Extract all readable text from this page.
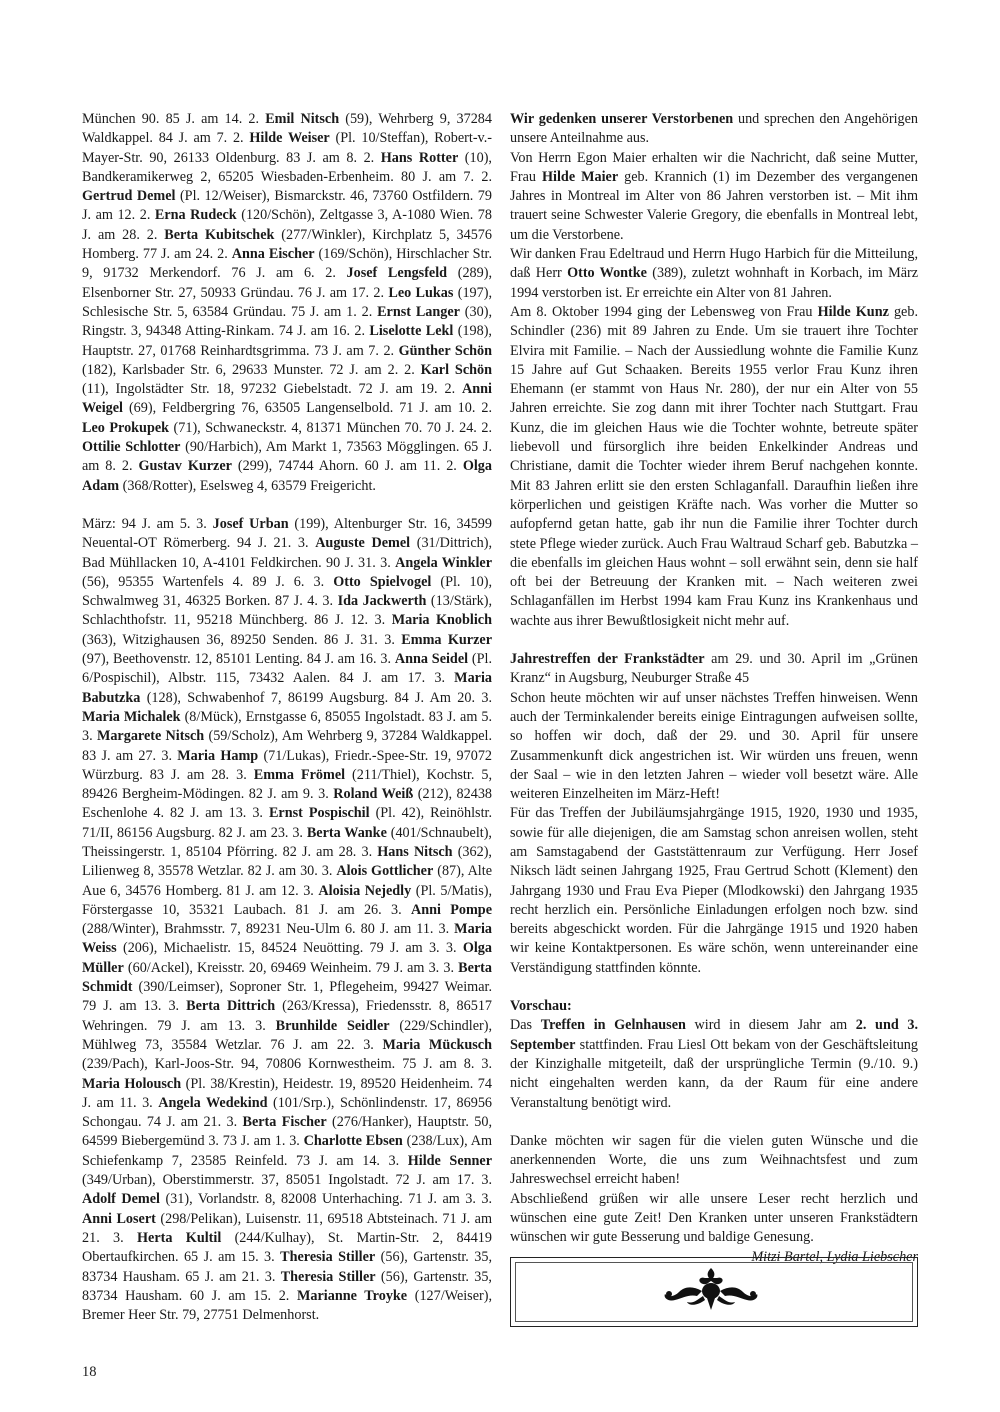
München 90. 85 J. am 14. 2. Emil Nitsch (59), Wehrberg 9, 37284 Waldkappel. 84 J. am 7. 2. Hilde Weiser (Pl. 10/Steffan), Robert-v.-Mayer-Str. 90, 26133 Oldenburg. 83 J. am 8. 2. Hans Rotter (10), Bandkeramikerweg 2, 65205 Wiesbaden-Erbenheim. 80 J. am 7. 2. Gertrud Demel (Pl. 12/Weiser), Bismarckstr. 46, 73760 Ostfildern. 79 J. am 12. 2. Erna Rudeck (120/Schön), Zeltgasse 3, A-1080 Wien. 78 J. am 28. 2. Berta Kubitschek (277/Winkler), Kirchplatz 5, 34576 Homberg. 77 J. am 24. 2. Anna Eischer (169/Schön), Hirschlacher Str. 9, 91732 Merkendorf. 76 J. am 6. 2. Josef Lengsfeld (289), Elsenborner Str. 27, 50933 Gründau. 76 J. am 17. 2. Leo Lukas (197), Schlesische Str. 5, 63584 Gründau. 75 J. am 1. 2. Ernst Langer (30), Ringstr. 3, 94348 Atting-Rinkam. 74 J. am 16. 2. Liselotte Lekl (198), Hauptstr. 27, 01768 Reinhardtsgrimma. 73 J. am 7. 2. Günther Schön (182), Karlsbader Str. 6, 29633 Munster. 72 J. am 2. 2. Karl Schön (11), Ingolstädter Str. 18, 97232 Giebelstadt. 72 J. am 19. 2. Anni Weigel (69), Feldbergring 76, 63505 Langenselbold. 71 J. am 10. 2. Leo Prokupek (71), Schwaneckstr. 4, 81371 München 70. 70 J. 24. 2. Ottilie Schlotter (90/Harbich), Am Markt 1, 73563 Mögglingen. 65 J. am 8. 2. Gustav Kurzer (299), 74744 Ahorn. 60 J. am 11. 2. Olga Adam (368/Rotter), Eselsweg 4, 63579 Freigericht.

März: 94 J. am 5. 3. Josef Urban (199), Altenburger Str. 16, 34599 Neuental-OT Römerberg. 94 J. 21. 3. Auguste Demel (31/Dittrich), Bad Mühllacken 10, A-4101 Feldkirchen. 90 J. 31. 3. Angela Winkler (56), 95355 Wartenfels 4. 89 J. 6. 3. Otto Spielvogel (Pl. 10), Schwalmweg 31, 46325 Borken. 87 J. 4. 3. Ida Jackwerth (13/Stärk), Schlachthofstr. 11, 95218 Münchberg. 86 J. 12. 3. Maria Knoblich (363), Witzighausen 36, 89250 Senden. 86 J. 31. 3. Emma Kurzer (97), Beethovenstr. 12, 85101 Lenting. 84 J. am 16. 3. Anna Seidel (Pl. 6/Pospischil), Albstr. 115, 73432 Aalen. 84 J. am 17. 3. Maria Babutzka (128), Schwabenhof 7, 86199 Augsburg. 84 J. Am 20. 3. Maria Michalek (8/Mück), Ernstgasse 6, 85055 Ingolstadt. 83 J. am 5. 3. Margarete Nitsch (59/Scholz), Am Wehrberg 9, 37284 Waldkappel. 83 J. am 27. 3. Maria Hamp (71/Lukas), Friedr.-Spee-Str. 19, 97072 Würzburg. 83 J. am 28. 3. Emma Frömel (211/Thiel), Kochstr. 5, 89426 Bergheim-Mödingen. 82 J. am 9. 3. Roland Weiß (212), 82438 Eschenlohe 4. 82 J. am 13. 3. Ernst Pospischil (Pl. 42), Reinöhlstr. 71/II, 86156 Augsburg. 82 J. am 23. 3. Berta Wanke (401/Schnaubelt), Theissingerstr. 1, 85104 Pförring. 82 J. am 28. 3. Hans Nitsch (362), Lilienweg 8, 35578 Wetzlar. 82 J. am 30. 3. Alois Gottlicher (87), Alte Aue 6, 34576 Homberg. 81 J. am 12. 3. Aloisia Nejedly (Pl. 5/Matis), Förstergasse 10, 35321 Laubach. 81 J. am 26. 3. Anni Pompe (288/Winter), Brahmsstr. 7, 89231 Neu-Ulm 6. 80 J. am 11. 3. Maria Weiss (206), Michaelistr. 15, 84524 Neuötting. 79 J. am 3. 3. Olga Müller (60/Ackel), Kreisstr. 20, 69469 Weinheim. 79 J. am 3. 3. Berta Schmidt (390/Leimser), Soproner Str. 1, Pflegeheim, 99427 Weimar. 79 J. am 13. 3. Berta Dittrich (263/Kressa), Friedensstr. 8, 86517 Wehringen. 79 J. am 13. 3. Brunhilde Seidler (229/Schindler), Mühlweg 73, 35584 Wetzlar. 76 J. am 22. 3. Maria Mückusch (239/Pach), Karl-Joos-Str. 94, 70806 Kornwestheim. 75 J. am 8. 3. Maria Holousch (Pl. 38/Krestin), Heidestr. 19, 89520 Heidenheim. 74 J. am 11. 3. Angela Wedekind (101/Srp.), Schönlindenstr. 17, 86956 Schongau. 74 J. am 21. 3. Berta Fischer (276/Hanker), Hauptstr. 50, 64599 Biebergemünd 3. 73 J. am 1. 3. Charlotte Ebsen (238/Lux), Am Schiefenkamp 7, 23585 Reinfeld. 73 J. am 14. 3. Hilde Senner (349/Urban), Oberstimmerstr. 37, 85051 Ingolstadt. 72 J. am 17. 3. Adolf Demel (31), Vorlandstr. 8, 82008 Unterhaching. 71 J. am 3. 3. Anni Losert (298/Pelikan), Luisenstr. 11, 69518 Abtsteinach. 71 J. am 21. 3. Herta Kultil (244/Kulhay), St. Martin-Str. 2, 84419 Obertaufkirchen. 65 J. am 15. 3. Theresia Stiller (56), Gartenstr. 35, 83734 Hausham. 65 J. am 21. 3. Theresia Stiller (56), Gartenstr. 35, 83734 Hausham. 60 J. am 15. 2. Marianne Troyke (127/Weiser), Bremer Heer Str. 79, 27751 Delmenhorst.

Wir gedenken unserer Verstorbenen und sprechen den Angehörigen unsere Anteilnahme aus.

Von Herrn Egon Maier erhalten wir die Nachricht, daß seine Mutter, Frau Hilde Maier geb. Krannich (1) im Dezember des vergangenen Jahres in Montreal im Alter von 86 Jahren verstorben ist. – Mit ihm trauert seine Schwester Valerie Gregory, die ebenfalls in Montreal lebt, um die Verstorbene.

Wir danken Frau Edeltraud und Herrn Hugo Harbich für die Mitteilung, daß Herr Otto Wontke (389), zuletzt wohnhaft in Korbach, im März 1994 verstorben ist. Er erreichte ein Alter von 81 Jahren.

Am 8. Oktober 1994 ging der Lebensweg von Frau Hilde Kunz geb. Schindler (236) mit 89 Jahren zu Ende. Um sie trauert ihre Tochter Elvira mit Familie. – Nach der Aussiedlung wohnte die Familie Kunz 15 Jahre auf Gut Schaaken. Bereits 1955 verlor Frau Kunz ihren Ehemann (er stammt von Haus Nr. 280), der nur ein Alter von 55 Jahren erreichte. Sie zog dann mit ihrer Tochter nach Stuttgart. Frau Kunz, die im gleichen Haus wie die Tochter wohnte, betreute später liebevoll und fürsorglich ihre beiden Enkelkinder Andreas und Christiane, damit die Tochter wieder ihrem Beruf nachgehen konnte. Mit 83 Jahren erlitt sie den ersten Schlaganfall. Daraufhin ließen ihre körperlichen und geistigen Kräfte nach. Was vorher die Mutter so aufopfernd getan hatte, gab ihr nun die Familie ihrer Tochter durch stete Pflege wieder zurück. Auch Frau Waltraud Scharf geb. Babutzka – die ebenfalls im gleichen Haus wohnt – soll erwähnt sein, denn sie half oft bei der Betreuung der Kranken mit. – Nach weiteren zwei Schlaganfällen im Herbst 1994 kam Frau Kunz ins Krankenhaus und wachte aus ihrer Bewußtlosigkeit nicht mehr auf.

Jahrestreffen der Frankstädter am 29. und 30. April im „Grünen Kranz“ in Augsburg, Neuburger Straße 45

Schon heute möchten wir auf unser nächstes Treffen hinweisen. Wenn auch der Terminkalender bereits einige Eintragungen aufweisen sollte, so hoffen wir doch, daß der 29. und 30. April für unsere Zusammenkunft dick angestrichen ist. Wir würden uns freuen, wenn der Saal – wie in den letzten Jahren – wieder voll besetzt wäre. Alle weiteren Einzelheiten im März-Heft!

Für das Treffen der Jubiläumsjahrgänge 1915, 1920, 1930 und 1935, sowie für alle diejenigen, die am Samstag schon anreisen wollen, steht am Samstagabend der Gaststättenraum zur Verfügung. Herr Josef Niksch lädt seinen Jahrgang 1925, Frau Gertrud Schott (Klement) den Jahrgang 1930 und Frau Eva Pieper (Mlodkowski) den Jahrgang 1935 recht herzlich ein. Persönliche Einladungen erfolgen noch bzw. sind bereits abgeschickt worden. Für die Jahrgänge 1915 und 1920 haben wir keine Kontaktpersonen. Es wäre schön, wenn untereinander eine Verständigung stattfinden könnte.

Vorschau:

Das Treffen in Gelnhausen wird in diesem Jahr am 2. und 3. September stattfinden. Frau Liesl Ott bekam von der Geschäftsleitung der Kinzighalle mitgeteilt, daß der ursprüngliche Termin (9./10. 9.) nicht eingehalten werden kann, da der Raum für eine andere Veranstaltung benötigt wird.

Danke möchten wir sagen für die vielen guten Wünsche und die anerkennenden Worte, die uns zum Weihnachtsfest und zum Jahreswechsel erreicht haben!

Abschließend grüßen wir alle unsere Leser recht herzlich und wünschen eine gute Zeit! Den Kranken unter unseren Frankstädtern wünschen wir gute Besserung und baldige Genesung.

Mitzi Bartel, Lydia Liebscher

18
